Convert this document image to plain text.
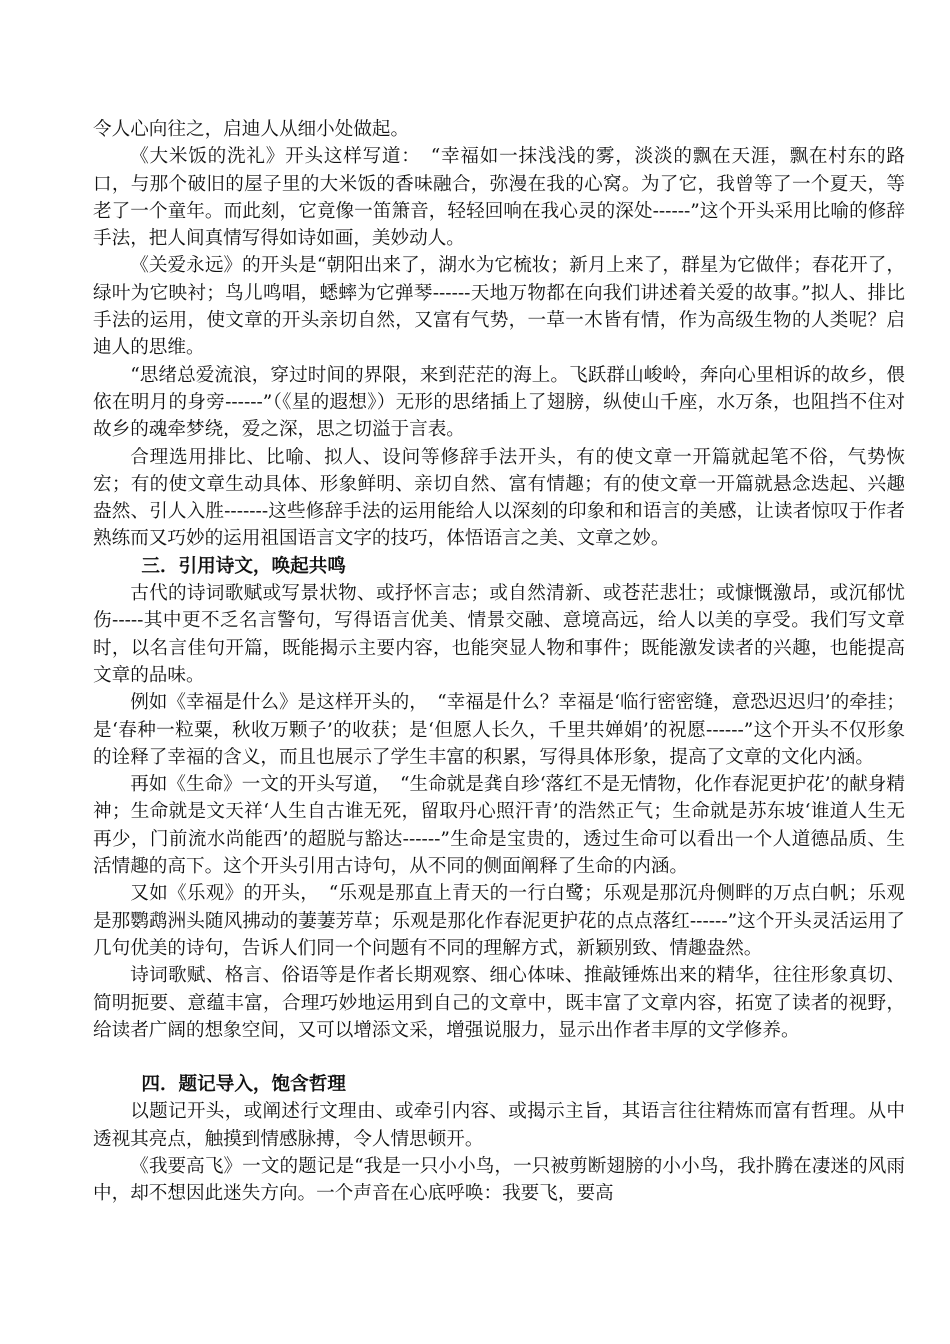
令人心向往之，启迪人从细小处做起。

《大米饭的洗礼》开头这样写道：　“幸福如一抹浅浅的雾，淡淡的飘在天涯，飘在村东的路口，与那个破旧的屋子里的大米饭的香味融合，弥漫在我的心窝。为了它，我曾等了一个夏天，等老了一个童年。而此刻，它竟像一笛箫音，轻轻回响在我心灵的深处------”这个开头采用比喻的修辞手法，把人间真情写得如诗如画，美妙动人。

《关爱永远》的开头是“朝阳出来了，湖水为它梳妆；新月上来了，群星为它做伴；春花开了，绿叶为它映衬；鸟儿鸣唱，蟋蟀为它弹琴------天地万物都在向我们讲述着关爱的故事。”拟人、排比手法的运用，使文章的开头亲切自然，又富有气势，一草一木皆有情，作为高级生物的人类呢？启迪人的思维。

“思绪总爱流浪，穿过时间的界限，来到茫茫的海上。飞跃群山峻岭，奔向心里相诉的故乡，偎依在明月的身旁------”（《星的遐想》）无形的思绪插上了翅膀，纵使山千座，水万条，也阻挡不住对故乡的魂牵梦绕，爱之深，思之切溢于言表。

合理选用排比、比喻、拟人、设问等修辞手法开头，有的使文章一开篇就起笔不俗，气势恢宏；有的使文章生动具体、形象鲜明、亲切自然、富有情趣；有的使文章一开篇就悬念迭起、兴趣盎然、引人入胜-------这些修辞手法的运用能给人以深刻的印象和和语言的美感，让读者惊叹于作者熟练而又巧妙的运用祖国语言文字的技巧，体悟语言之美、文章之妙。

三．引用诗文，唤起共鸣

古代的诗词歌赋或写景状物、或抒怀言志；或自然清新、或苍茫悲壮；或慷慨激昂，或沉郁忧伤-----其中更不乏名言警句，写得语言优美、情景交融、意境高远，给人以美的享受。我们写文章时，以名言佳句开篇，既能揭示主要内容，也能突显人物和事件；既能激发读者的兴趣，也能提高文章的品味。

例如《幸福是什么》是这样开头的，　“幸福是什么？幸福是‘临行密密缝，意恐迟迟归’的牵挂；是‘春种一粒粟，秋收万颗子’的收获；是‘但愿人长久，千里共婵娟’的祝愿------”这个开头不仅形象的诠释了幸福的含义，而且也展示了学生丰富的积累，写得具体形象，提高了文章的文化内涵。

再如《生命》一文的开头写道，　“生命就是龚自珍‘落红不是无情物，化作春泥更护花’的献身精神；生命就是文天祥‘人生自古谁无死，留取丹心照汗青’的浩然正气；生命就是苏东坡‘谁道人生无再少，门前流水尚能西’的超脱与豁达------”生命是宝贵的，透过生命可以看出一个人道德品质、生活情趣的高下。这个开头引用古诗句，从不同的侧面阐释了生命的内涵。

又如《乐观》的开头，　“乐观是那直上青天的一行白鹭；乐观是那沉舟侧畔的万点白帆；乐观是那鹦鹉洲头随风拂动的萋萋芳草；乐观是那化作春泥更护花的点点落红------”这个开头灵活运用了几句优美的诗句，告诉人们同一个问题有不同的理解方式，新颖别致、情趣盎然。

诗词歌赋、格言、俗语等是作者长期观察、细心体味、推敲锤炼出来的精华，往往形象真切、简明扼要、意蕴丰富，合理巧妙地运用到自己的文章中，既丰富了文章内容，拓宽了读者的视野，给读者广阔的想象空间，又可以增添文采，增强说服力，显示出作者丰厚的文学修养。

四．题记导入，饱含哲理

以题记开头，或阐述行文理由、或牵引内容、或揭示主旨，其语言往往精炼而富有哲理。从中透视其亮点，触摸到情感脉搏，令人情思顿开。

《我要高飞》一文的题记是“我是一只小小鸟，一只被剪断翅膀的小小鸟，我扑腾在凄迷的风雨中，却不想因此迷失方向。一个声音在心底呼唤：我要飞，要高
